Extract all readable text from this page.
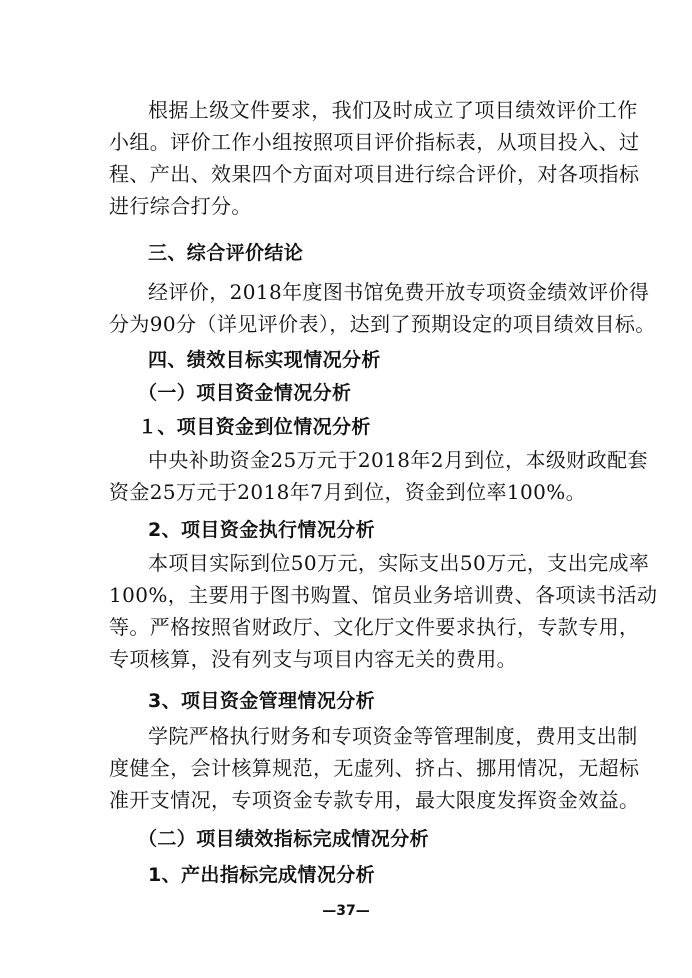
根据上级文件要求，我们及时成立了项目绩效评价工作
小组。评价工作小组按照项目评价指标表，从项目投入、过
程、产出、效果四个方面对项目进行综合评价，对各项指标
进行综合打分。
三、综合评价结论
经评价，2018年度图书馆免费开放专项资金绩效评价得
分为90分（详见评价表），达到了预期设定的项目绩效目标。
四、绩效目标实现情况分析
（一）项目资金情况分析
１、项目资金到位情况分析
中央补助资金25万元于2018年2月到位，本级财政配套
资金25万元于2018年7月到位，资金到位率100%。
2、项目资金执行情况分析
本项目实际到位50万元，实际支出50万元，支出完成率
100%，主要用于图书购置、馆员业务培训费、各项读书活动
等。严格按照省财政厅、文化厅文件要求执行，专款专用，
专项核算，没有列支与项目内容无关的费用。
3、项目资金管理情况分析
学院严格执行财务和专项资金等管理制度，费用支出制
度健全，会计核算规范，无虚列、挤占、挪用情况，无超标
准开支情况，专项资金专款专用，最大限度发挥资金效益。
（二）项目绩效指标完成情况分析
1、产出指标完成情况分析
—37—
